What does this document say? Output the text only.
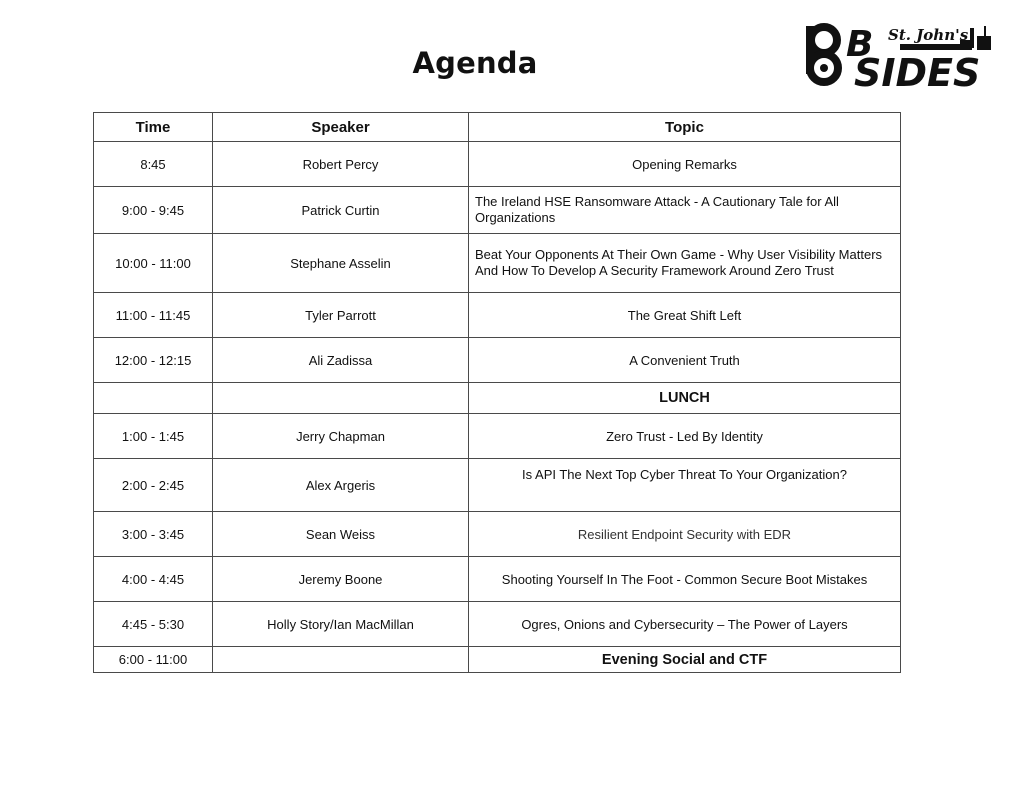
Agenda	B St. John's
SIDES
Time	Speaker	Topic
8:45	Robert Percy	Opening Remarks
9:00 - 9:45	Patrick Curtin	The Ireland HSE Ransomware Attack - A Cautionary Tale for All Organizations
10:00 - 11:00	Stephane Asselin	Beat Your Opponents At Their Own Game - Why User Visibility Matters And How To Develop A Security Framework Around Zero Trust
11:00 - 11:45	Tyler Parrott	The Great Shift Left
12:00 - 12:15	Ali Zadissa	A Convenient Truth
		LUNCH
1:00 - 1:45	Jerry Chapman	Zero Trust - Led By Identity
2:00 - 2:45	Alex Argeris	Is API The Next Top Cyber Threat To Your Organization?
3:00 - 3:45	Sean Weiss	Resilient Endpoint Security with EDR
4:00 - 4:45	Jeremy Boone	Shooting Yourself In The Foot - Common Secure Boot Mistakes
4:45 - 5:30	Holly Story/Ian MacMillan	Ogres, Onions and Cybersecurity – The Power of Layers
6:00 - 11:00		Evening Social and CTF
